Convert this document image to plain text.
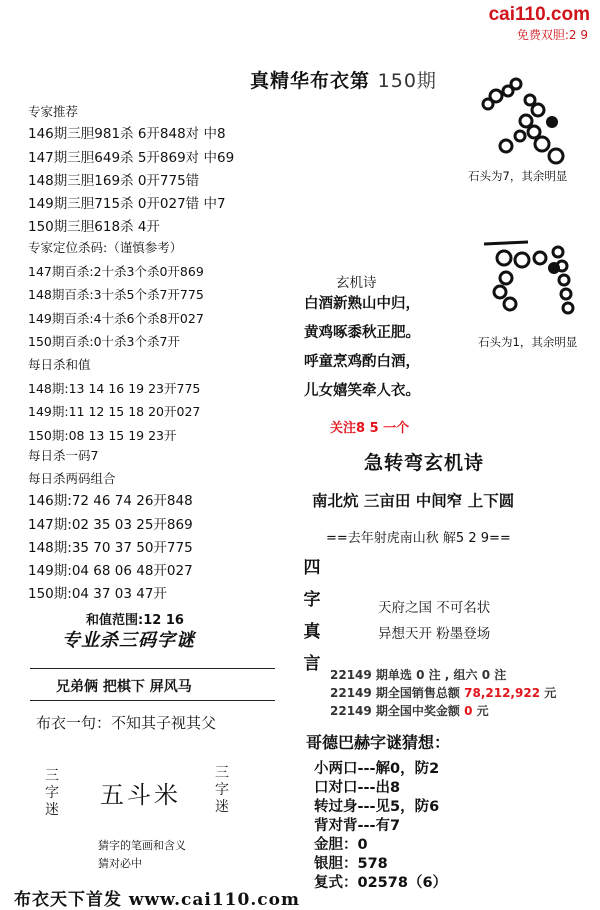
cai110.com
免费双胆:2 9
真精华布衣第 150期
专家推荐
146期三胆981杀 6开848对 中8
147期三胆649杀 5开869对 中69
148期三胆169杀 0开775错
149期三胆715杀 0开027错 中7
150期三胆618杀 4开
专家定位杀码:（谨慎参考）
147期百杀:2十杀3个杀0开869
148期百杀:3十杀5个杀7开775
149期百杀:4十杀6个杀8开027
150期百杀:0十杀3个杀7开
每日杀和值
148期:13 14 16 19 23开775
149期:11 12 15 18 20开027
150期:08 13 15 19 23开
每日杀一码7
每日杀两码组合
146期:72 46 74 26开848
147期:02 35 03 25开869
148期:35 70 37 50开775
149期:04 68 06 48开027
150期:04 37 03 47开
和值范围:12 16
专业杀三码字谜
兄弟俩 把棋下 屏风马
布衣一句：不知其子视其父
三字迷
五斗米
三字迷
猜字的笔画和含义
猜对必中
石头为7，其余明显
石头为1，其余明显
玄机诗
白酒新熟山中归，
黄鸡啄黍秋正肥。
呼童烹鸡酌白酒，
儿女嬉笑牵人衣。
关注8 5 一个
急转弯玄机诗
南北炕 三亩田 中间窄 上下圆
==去年射虎南山秋 解5 2 9==
四
字
真
言
天府之国 不可名状
异想天开 粉墨登场
22149 期单选 0 注 , 组六 0 注
22149 期全国销售总额 78,212,922 元
22149 期全国中奖金额 0 元
哥德巴赫字谜猜想：
小两口---解0，防2
口对口---出8
转过身---见5，防6
背对背---有7
金胆：0
银胆：578
复式：02578（6）
布衣天下首发 www.cai110.com
